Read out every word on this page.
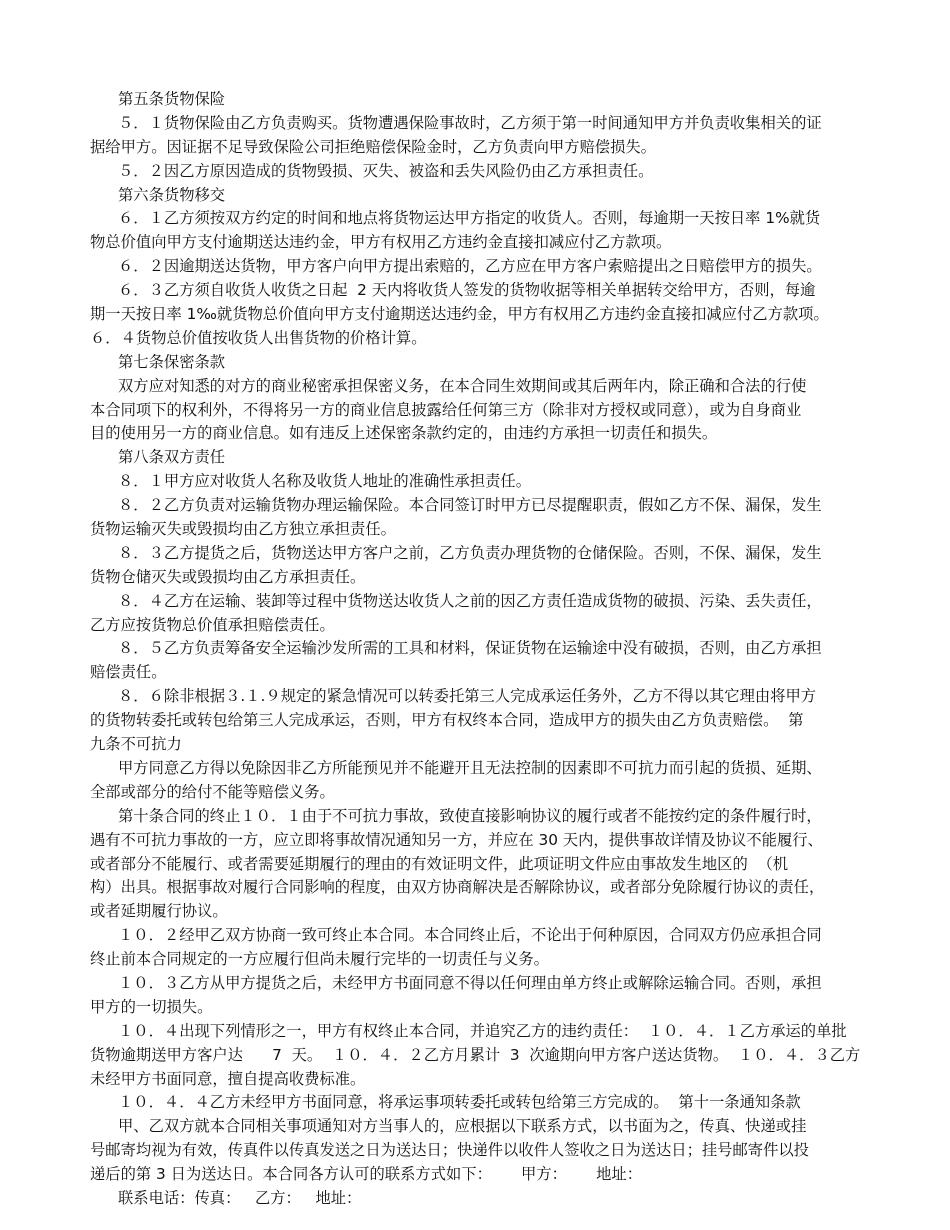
第五条货物保险
５．１货物保险由乙方负责购买。货物遭遇保险事故时，乙方须于第一时间通知甲方并负责收集相关的证
据给甲方。因证据不足导致保险公司拒绝赔偿保险金时，乙方负责向甲方赔偿损失。
５．２因乙方原因造成的货物毁损、灭失、被盗和丢失风险仍由乙方承担责任。
第六条货物移交
６．１乙方须按双方约定的时间和地点将货物运达甲方指定的收货人。否则，每逾期一天按日率 1%就货
物总价值向甲方支付逾期送达违约金，甲方有权用乙方违约金直接扣减应付乙方款项。
６．２因逾期送达货物，甲方客户向甲方提出索赔的，乙方应在甲方客户索赔提出之日赔偿甲方的损失。
６．３乙方须自收货人收货之日起  2 天内将收货人签发的货物收据等相关单据转交给甲方，否则，每逾
期一天按日率 1‰就货物总价值向甲方支付逾期送达违约金，甲方有权用乙方违约金直接扣减应付乙方款项。
６．４货物总价值按收货人出售货物的价格计算。
第七条保密条款
双方应对知悉的对方的商业秘密承担保密义务，在本合同生效期间或其后两年内，除正确和合法的行使
本合同项下的权利外，不得将另一方的商业信息披露给任何第三方（除非对方授权或同意），或为自身商业
目的使用另一方的商业信息。如有违反上述保密条款约定的，由违约方承担一切责任和损失。
第八条双方责任
８．１甲方应对收货人名称及收货人地址的准确性承担责任。
８．２乙方负责对运输货物办理运输保险。本合同签订时甲方已尽提醒职责，假如乙方不保、漏保，发生
货物运输灭失或毁损均由乙方独立承担责任。
８．３乙方提货之后，货物送达甲方客户之前，乙方负责办理货物的仓储保险。否则，不保、漏保，发生
货物仓储灭失或毁损均由乙方承担责任。
８．４乙方在运输、装卸等过程中货物送达收货人之前的因乙方责任造成货物的破损、污染、丢失责任，
乙方应按货物总价值承担赔偿责任。
８．５乙方负责筹备安全运输沙发所需的工具和材料，保证货物在运输途中没有破损，否则，由乙方承担
赔偿责任。
８．６除非根据３.１.９规定的紧急情况可以转委托第三人完成承运任务外，乙方不得以其它理由将甲方
的货物转委托或转包给第三人完成承运，否则，甲方有权终本合同，造成甲方的损失由乙方负责赔偿。  第
九条不可抗力
甲方同意乙方得以免除因非乙方所能预见并不能避开且无法控制的因素即不可抗力而引起的货损、延期、
全部或部分的给付不能等赔偿义务。
第十条合同的终止１０．１由于不可抗力事故，致使直接影响协议的履行或者不能按约定的条件履行时，
遇有不可抗力事故的一方，应立即将事故情况通知另一方，并应在 30 天内，提供事故详情及协议不能履行、
或者部分不能履行、或者需要延期履行的理由的有效证明文件，此项证明文件应由事故发生地区的  （机
构）出具。根据事故对履行合同影响的程度，由双方协商解决是否解除协议，或者部分免除履行协议的责任，
或者延期履行协议。
１０．２经甲乙双方协商一致可终止本合同。本合同终止后，不论出于何种原因，合同双方仍应承担合同
终止前本合同规定的一方应履行但尚未履行完毕的一切责任与义务。
１０．３乙方从甲方提货之后，未经甲方书面同意不得以任何理由单方终止或解除运输合同。否则，承担
甲方的一切损失。
１０．４出现下列情形之一，甲方有权终止本合同，并追究乙方的违约责任：  １０．４．１乙方承运的单批
货物逾期送甲方客户达      7  天。  １０．４．２乙方月累计  3  次逾期向甲方客户送达货物。  １０．４．３乙方
未经甲方书面同意，擅自提高收费标准。
１０．４．４乙方未经甲方书面同意，将承运事项转委托或转包给第三方完成的。  第十一条通知条款
甲、乙双方就本合同相关事项通知对方当事人的，应根据以下联系方式，以书面为之，传真、快递或挂
号邮寄均视为有效，传真件以传真发送之日为送达日；快递件以收件人签收之日为送达日；挂号邮寄件以投
递后的第 3 日为送达日。本合同各方认可的联系方式如下：      甲方：      地址：
联系电话：传真：   乙方：   地址：
